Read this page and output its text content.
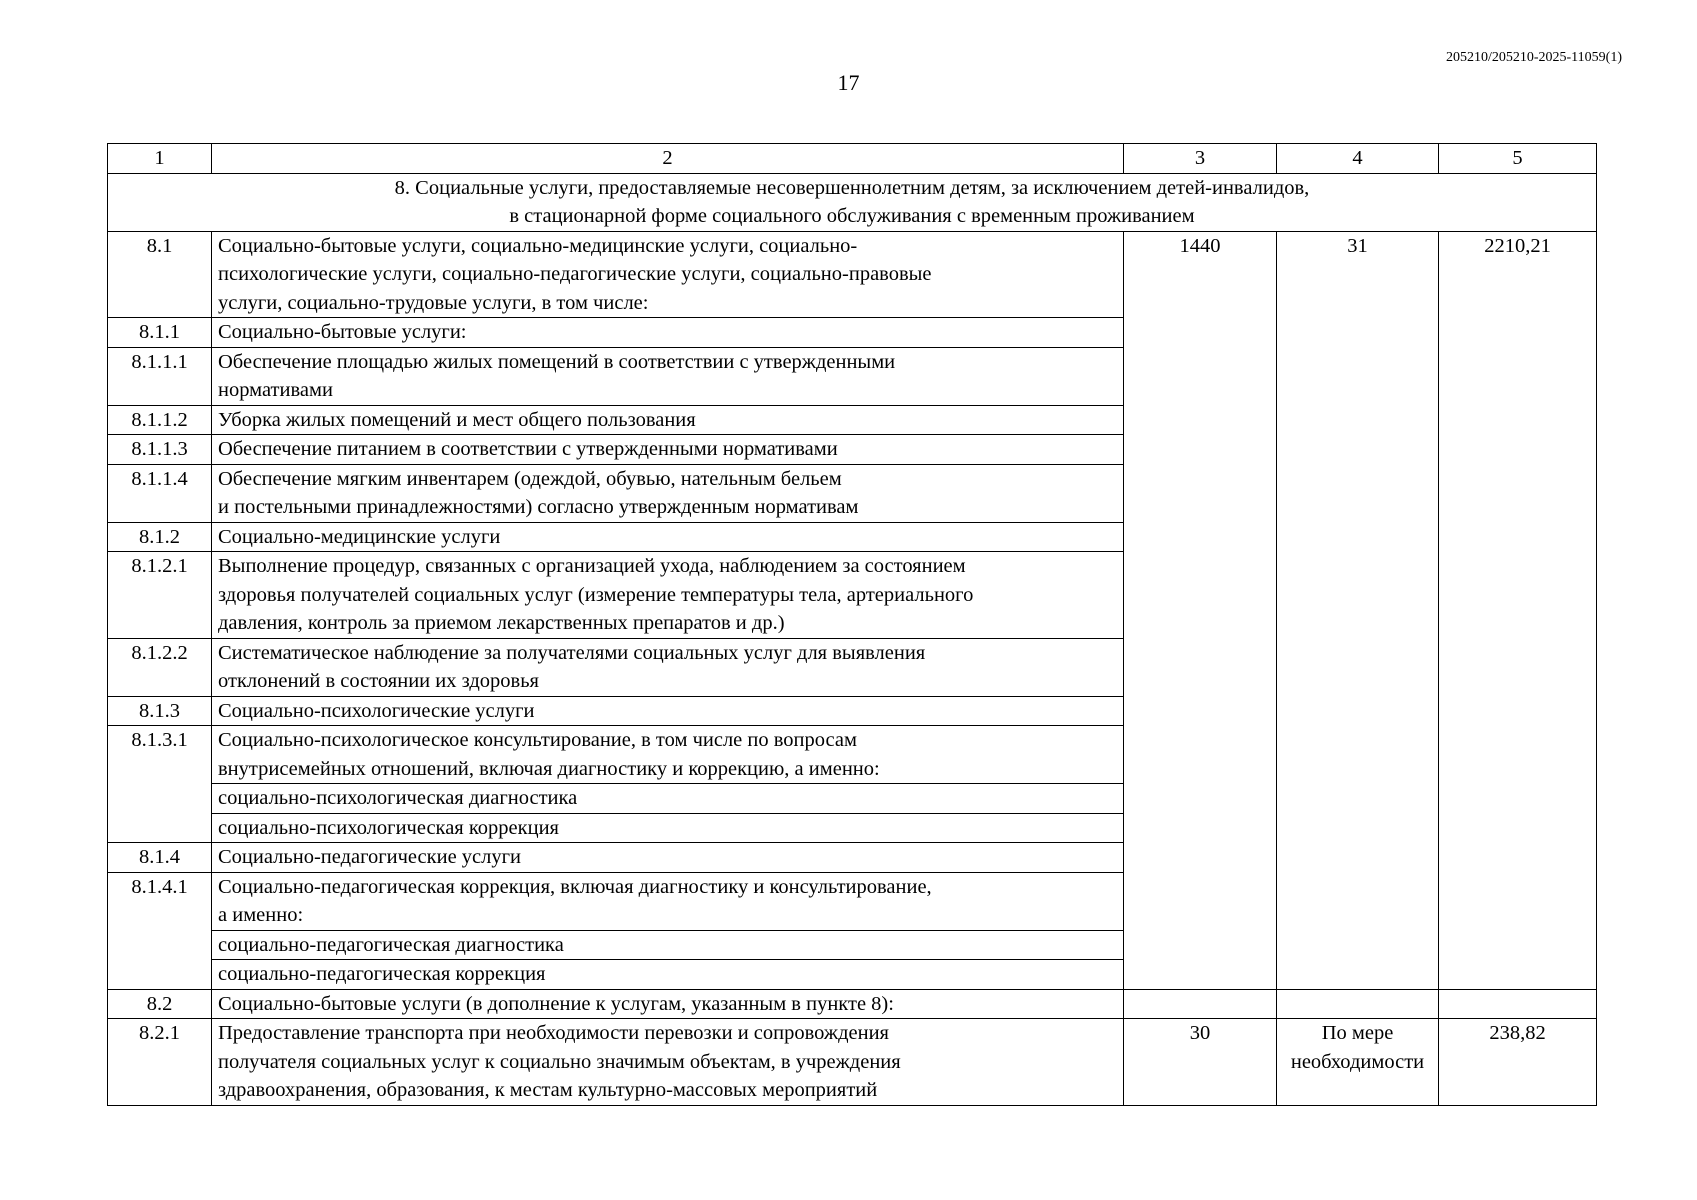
205210/205210-2025-11059(1)
17
1	2	3	4	5

8. Социальные услуги, предоставляемые несовершеннолетним детям, за исключением детей-инвалидов,
в стационарной форме социального обслуживания с временным проживанием				

8.1	Социально-бытовые услуги, социально-медицинские услуги, социально-
психологические услуги, социально-педагогические услуги, социально-правовые
услуги, социально-трудовые услуги, в том числе:	1440	31	2210,21
8.1.1	Социально-бытовые услуги:			

8.1.1.1	Обеспечение площадью жилых помещений в соответствии с утвержденными
нормативами			

8.1.1.2	Уборка жилых помещений и мест общего пользования			

8.1.1.3	Обеспечение питанием в соответствии с утвержденными нормативами			

8.1.1.4	Обеспечение мягким инвентарем (одеждой, обувью, нательным бельем
и постельными принадлежностями) согласно утвержденным нормативам			

8.1.2	Социально-медицинские услуги			

8.1.2.1	Выполнение процедур, связанных с организацией ухода, наблюдением за состоянием
здоровья получателей социальных услуг (измерение температуры тела, артериального
давления, контроль за приемом лекарственных препаратов и др.)			

8.1.2.2	Систематическое наблюдение за получателями социальных услуг для выявления
отклонений в состоянии их здоровья			

8.1.3	Социально-психологические услуги			

8.1.3.1	Социально-психологическое консультирование, в том числе по вопросам
внутрисемейных отношений, включая диагностику и коррекцию, а именно:			

	социально-психологическая диагностика			

	социально-психологическая коррекция			

8.1.4	Социально-педагогические услуги			

8.1.4.1	Социально-педагогическая коррекция, включая диагностику и консультирование,
а именно:			

	социально-педагогическая диагностика			

	социально-педагогическая коррекция			

8.2	Социально-бытовые услуги (в дополнение к услугам, указанным в пункте 8):			

8.2.1	Предоставление транспорта при необходимости перевозки и сопровождения
получателя социальных услуг к социально значимым объектам, в учреждения
здравоохранения, образования, к местам культурно-массовых мероприятий	30	По мере
необходимости	238,82
